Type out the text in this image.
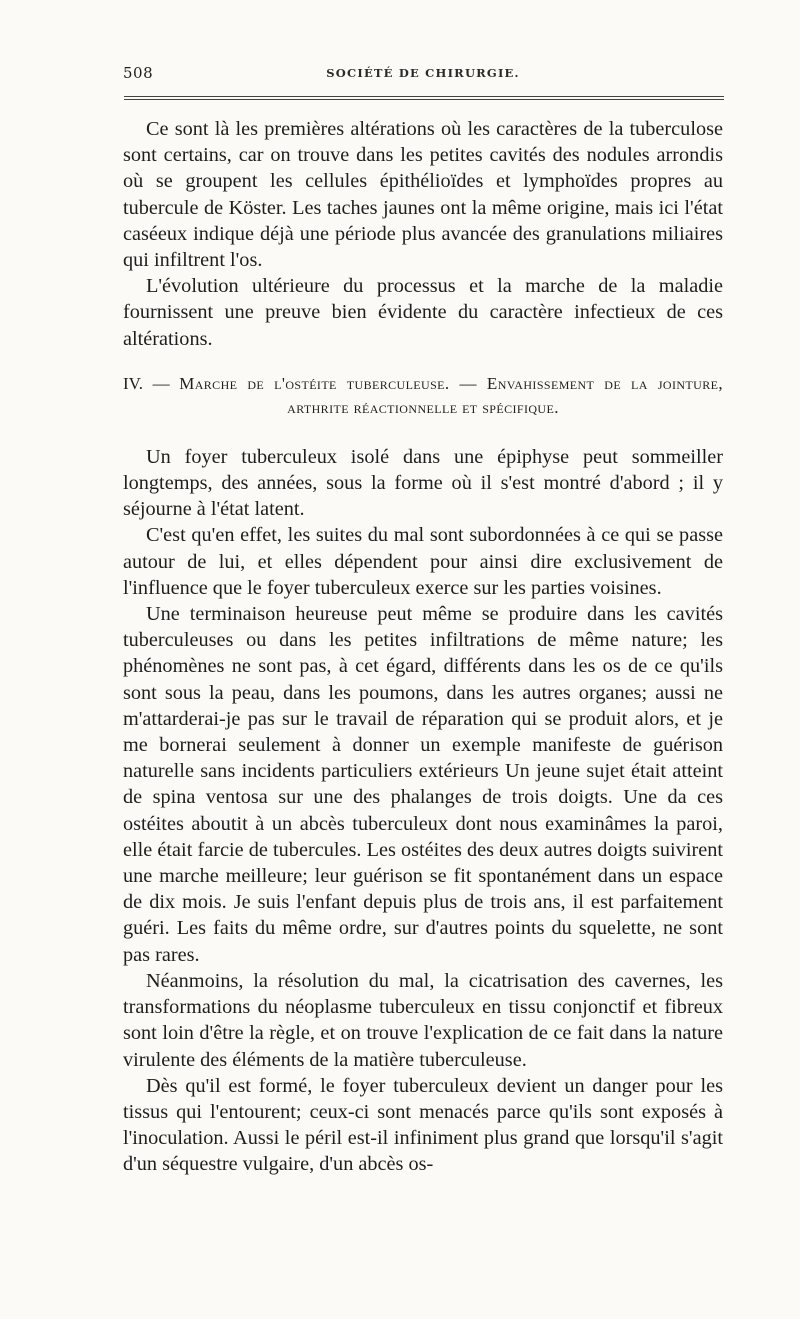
508	SOCIÉTÉ DE CHIRURGIE.

Ce sont là les premières altérations où les caractères de la tuberculose sont certains, car on trouve dans les petites cavités des nodules arrondis où se groupent les cellules épithélioïdes et lymphoïdes propres au tubercule de Köster. Les taches jaunes ont la même origine, mais ici l'état caséeux indique déjà une période plus avancée des granulations miliaires qui infiltrent l'os.

L'évolution ultérieure du processus et la marche de la maladie fournissent une preuve bien évidente du caractère infectieux de ces altérations.

IV. — Marche de l'ostéite tuberculeuse. — Envahissement de la jointure, arthrite réactionnelle et spécifique.

Un foyer tuberculeux isolé dans une épiphyse peut sommeiller longtemps, des années, sous la forme où il s'est montré d'abord ; il y séjourne à l'état latent.

C'est qu'en effet, les suites du mal sont subordonnées à ce qui se passe autour de lui, et elles dépendent pour ainsi dire exclusivement de l'influence que le foyer tuberculeux exerce sur les parties voisines.

Une terminaison heureuse peut même se produire dans les cavités tuberculeuses ou dans les petites infiltrations de même nature; les phénomènes ne sont pas, à cet égard, différents dans les os de ce qu'ils sont sous la peau, dans les poumons, dans les autres organes; aussi ne m'attarderai-je pas sur le travail de réparation qui se produit alors, et je me bornerai seulement à donner un exemple manifeste de guérison naturelle sans incidents particuliers extérieurs Un jeune sujet était atteint de spina ventosa sur une des phalanges de trois doigts. Une da ces ostéites aboutit à un abcès tuberculeux dont nous examinâmes la paroi, elle était farcie de tubercules. Les ostéites des deux autres doigts suivirent une marche meilleure; leur guérison se fit spontanément dans un espace de dix mois. Je suis l'enfant depuis plus de trois ans, il est parfaitement guéri. Les faits du même ordre, sur d'autres points du squelette, ne sont pas rares.

Néanmoins, la résolution du mal, la cicatrisation des cavernes, les transformations du néoplasme tuberculeux en tissu conjonctif et fibreux sont loin d'être la règle, et on trouve l'explication de ce fait dans la nature virulente des éléments de la matière tuberculeuse.

Dès qu'il est formé, le foyer tuberculeux devient un danger pour les tissus qui l'entourent; ceux-ci sont menacés parce qu'ils sont exposés à l'inoculation. Aussi le péril est-il infiniment plus grand que lorsqu'il s'agit d'un séquestre vulgaire, d'un abcès os-
